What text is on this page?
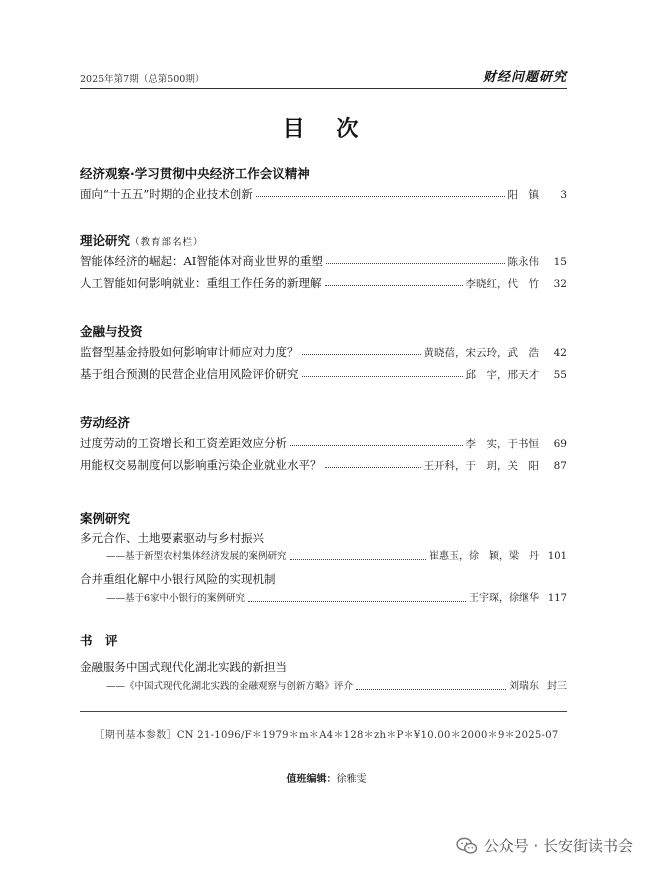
2025年第7期（总第500期）	财经问题研究
目 次
经济观察·学习贯彻中央经济工作会议精神
面向“十五五”时期的企业技术创新	阳　镇	3
理论研究（教育部名栏）
智能体经济的崛起：AI智能体对商业世界的重塑	陈永伟	15
人工智能如何影响就业：重组工作任务的新理解	李晓红，代　竹	32
金融与投资
监督型基金持股如何影响审计师应对力度？	黄晓蓓，宋云玲，武　浩	42
基于组合预测的民营企业信用风险评价研究	邱　宇，邢天才	55
劳动经济
过度劳动的工资增长和工资差距效应分析	李　实，于书恒	69
用能权交易制度何以影响重污染企业就业水平？	王开科，于　玥，关　阳	87
案例研究
多元合作、土地要素驱动与乡村振兴
——基于新型农村集体经济发展的案例研究	崔惠玉，徐　颖，梁　丹 101
合并重组化解中小银行风险的实现机制
——基于6家中小银行的案例研究	王宇琛，徐继华 117
书　评
金融服务中国式现代化湖北实践的新担当
——《中国式现代化湖北实践的金融观察与创新方略》评介	刘瑞东 封三
［期刊基本参数］CN 21-1096/F＊1979＊m＊A4＊128＊zh＊P＊¥10.00＊2000＊9＊2025-07
值班编辑：徐雅雯
公众号 · 长安街读书会
